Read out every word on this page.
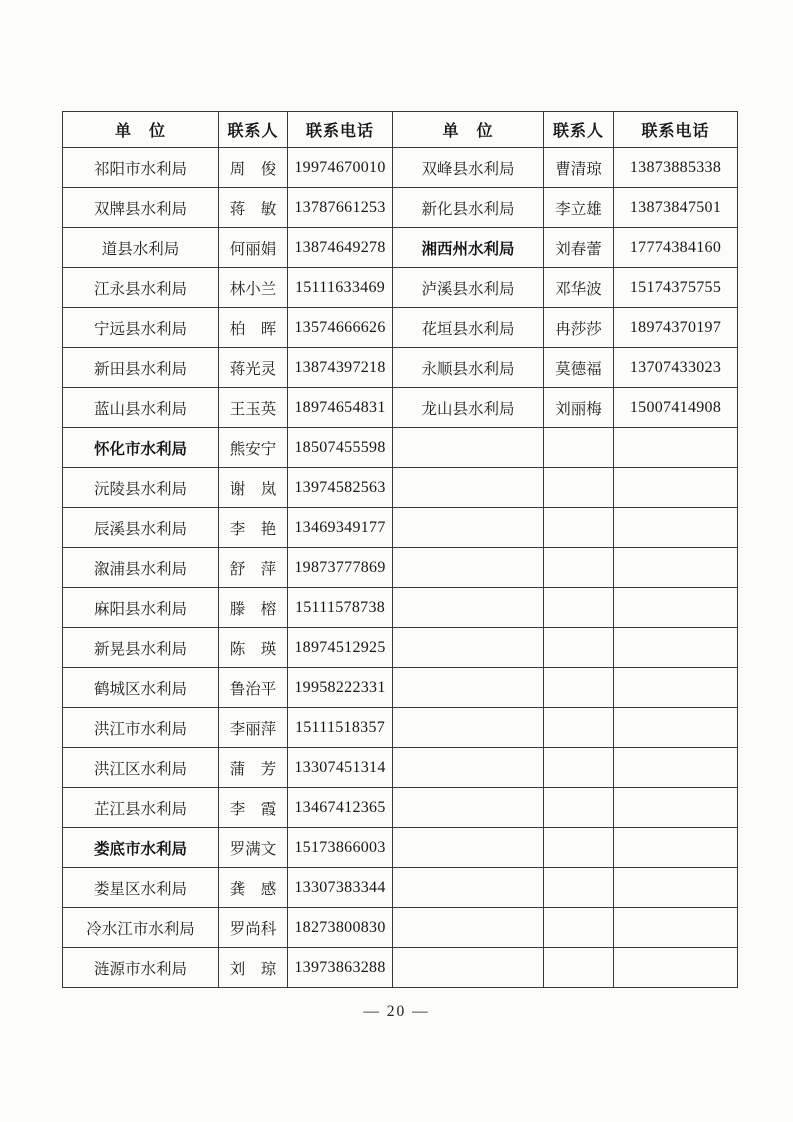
单　位	联系人	联系电话	单　位	联系人	联系电话
祁阳市水利局	周　俊	19974670010	双峰县水利局	曹清琼	13873885338
双牌县水利局	蒋　敏	13787661253	新化县水利局	李立雄	13873847501
道县水利局	何丽娟	13874649278	湘西州水利局	刘春蕾	17774384160
江永县水利局	林小兰	15111633469	泸溪县水利局	邓华波	15174375755
宁远县水利局	柏　晖	13574666626	花垣县水利局	冉莎莎	18974370197
新田县水利局	蒋光灵	13874397218	永顺县水利局	莫德福	13707433023
蓝山县水利局	王玉英	18974654831	龙山县水利局	刘丽梅	15007414908
怀化市水利局	熊安宁	18507455598			
沅陵县水利局	谢　岚	13974582563			
辰溪县水利局	李　艳	13469349177			
溆浦县水利局	舒　萍	19873777869			
麻阳县水利局	滕　榕	15111578738			
新晃县水利局	陈　瑛	18974512925			
鹤城区水利局	鲁治平	19958222331			
洪江市水利局	李丽萍	15111518357			
洪江区水利局	蒲　芳	13307451314			
芷江县水利局	李　霞	13467412365			
娄底市水利局	罗满文	15173866003			
娄星区水利局	龚　感	13307383344			
冷水江市水利局	罗尚科	18273800830			
涟源市水利局	刘　琼	13973863288			
— 20 —
